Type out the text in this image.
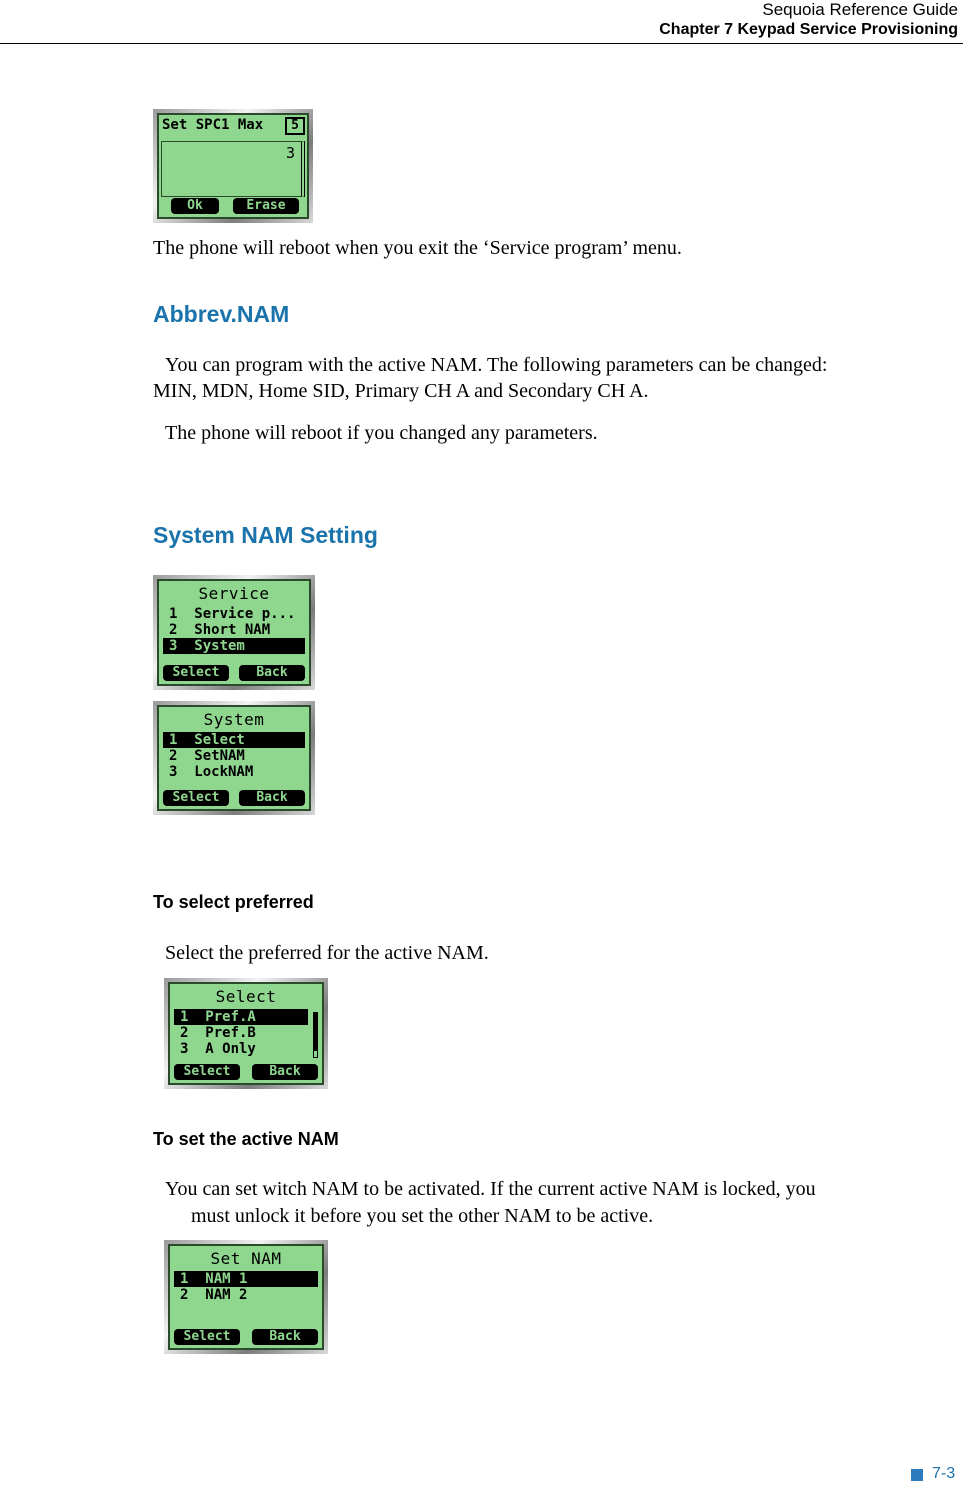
Sequoia Reference Guide
Chapter 7 Keypad Service Provisioning
Set SPC1 Max	5
3
Ok	Erase
The phone will reboot when you exit the ‘Service program’ menu.
Abbrev.NAM
You can program with the active NAM. The following parameters can be changed:
MIN, MDN, Home SID, Primary CH A and Secondary CH A.
The phone will reboot if you changed any parameters.
System NAM Setting
Service
1  Service p...
2  Short NAM
3  System
Select	Back
System
1  Select
2  SetNAM
3  LockNAM
Select	Back
To select preferred
Select the preferred for the active NAM.
Select
1  Pref.A
2  Pref.B
3  A Only
Select	Back
To set the active NAM
You can set witch NAM to be activated. If the current active NAM is locked, you
must unlock it before you set the other NAM to be active.
Set NAM
1  NAM 1
2  NAM 2
Select	Back
7-3
